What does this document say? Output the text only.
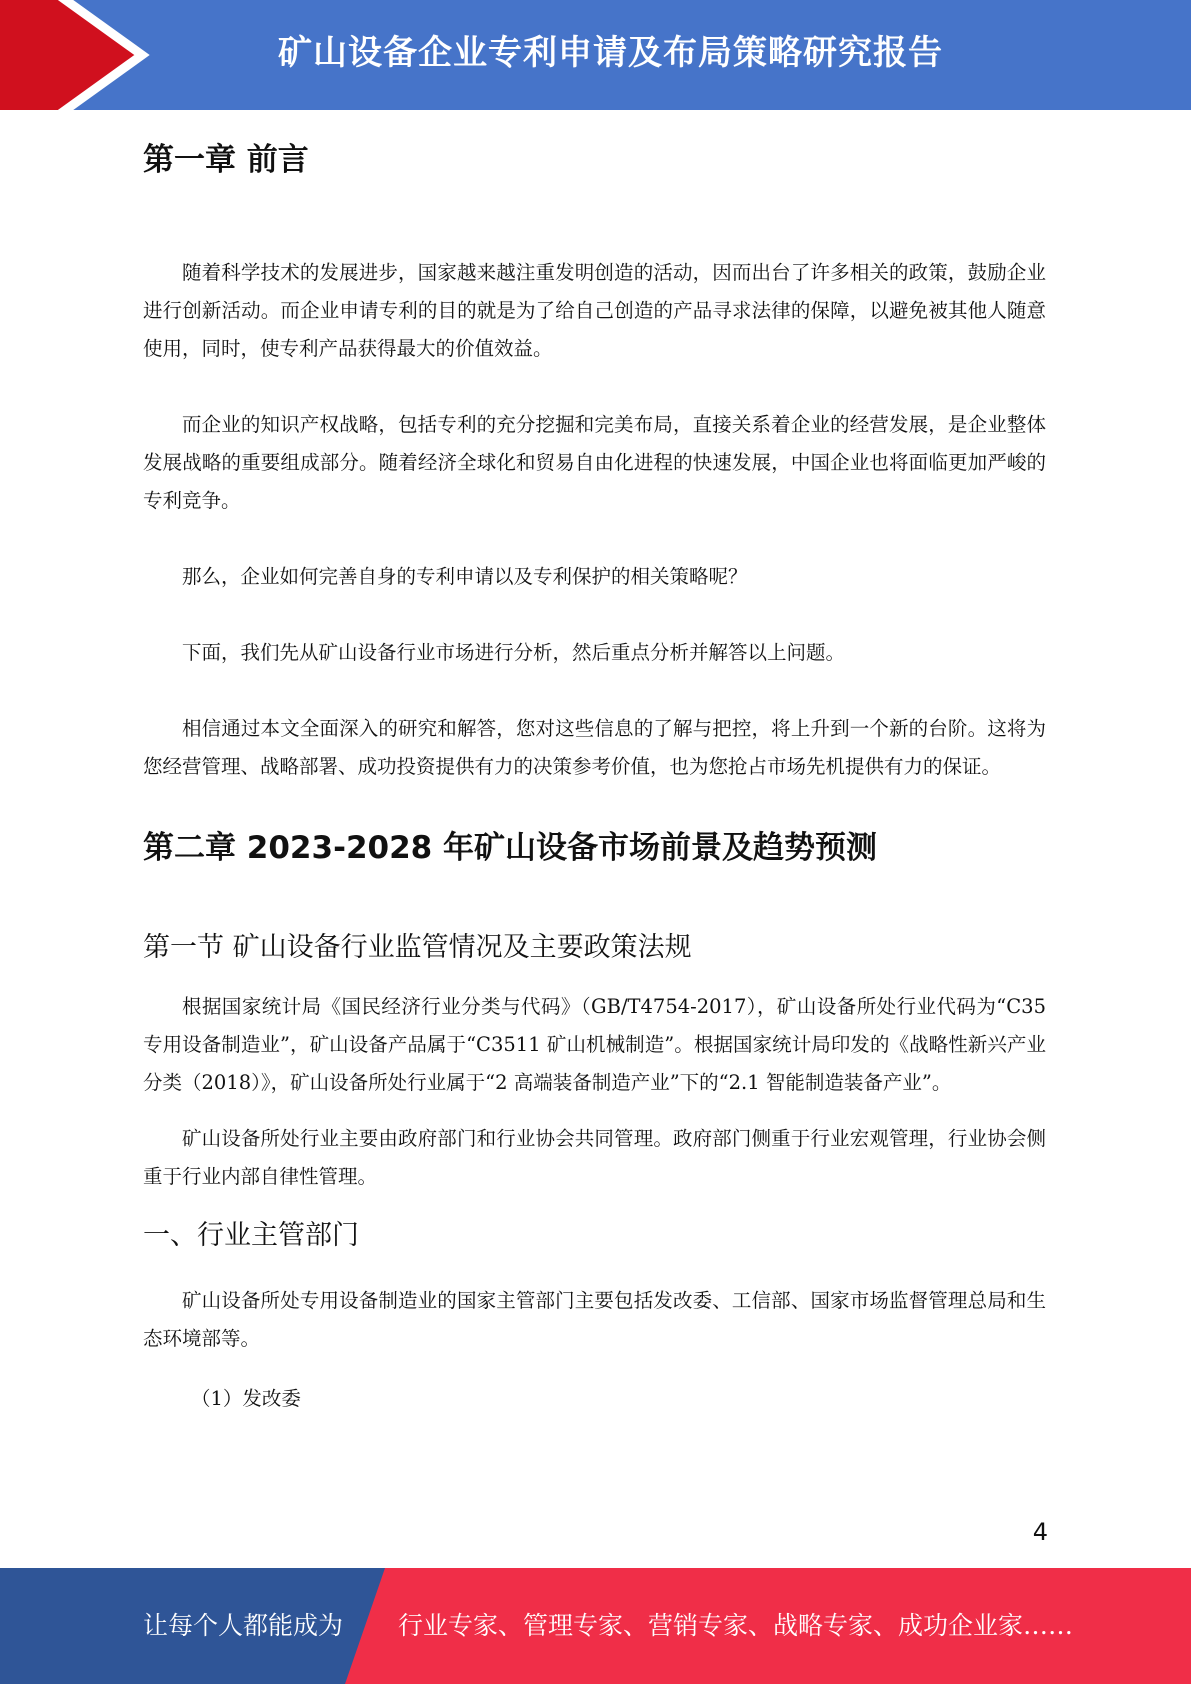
矿山设备企业专利申请及布局策略研究报告
第一章 前言

随着科学技术的发展进步，国家越来越注重发明创造的活动，因而出台了许多相关的政策，鼓励企业进行创新活动。而企业申请专利的目的就是为了给自己创造的产品寻求法律的保障，以避免被其他人随意使用，同时，使专利产品获得最大的价值效益。

而企业的知识产权战略，包括专利的充分挖掘和完美布局，直接关系着企业的经营发展，是企业整体发展战略的重要组成部分。随着经济全球化和贸易自由化进程的快速发展，中国企业也将面临更加严峻的专利竞争。

那么，企业如何完善自身的专利申请以及专利保护的相关策略呢？

下面，我们先从矿山设备行业市场进行分析，然后重点分析并解答以上问题。

相信通过本文全面深入的研究和解答，您对这些信息的了解与把控，将上升到一个新的台阶。这将为您经营管理、战略部署、成功投资提供有力的决策参考价值，也为您抢占市场先机提供有力的保证。

第二章 2023-2028 年矿山设备市场前景及趋势预测
第一节 矿山设备行业监管情况及主要政策法规

根据国家统计局《国民经济行业分类与代码》（GB/T4754-2017），矿山设备所处行业代码为“C35 专用设备制造业”，矿山设备产品属于“C3511 矿山机械制造”。根据国家统计局印发的《战略性新兴产业分类（2018）》，矿山设备所处行业属于“2 高端装备制造产业”下的“2.1 智能制造装备产业”。

矿山设备所处行业主要由政府部门和行业协会共同管理。政府部门侧重于行业宏观管理，行业协会侧重于行业内部自律性管理。

一、行业主管部门

矿山设备所处专用设备制造业的国家主管部门主要包括发改委、工信部、国家市场监督管理总局和生态环境部等。

（1）发改委

4
让每个人都能成为 行业专家、管理专家、营销专家、战略专家、成功企业家……
